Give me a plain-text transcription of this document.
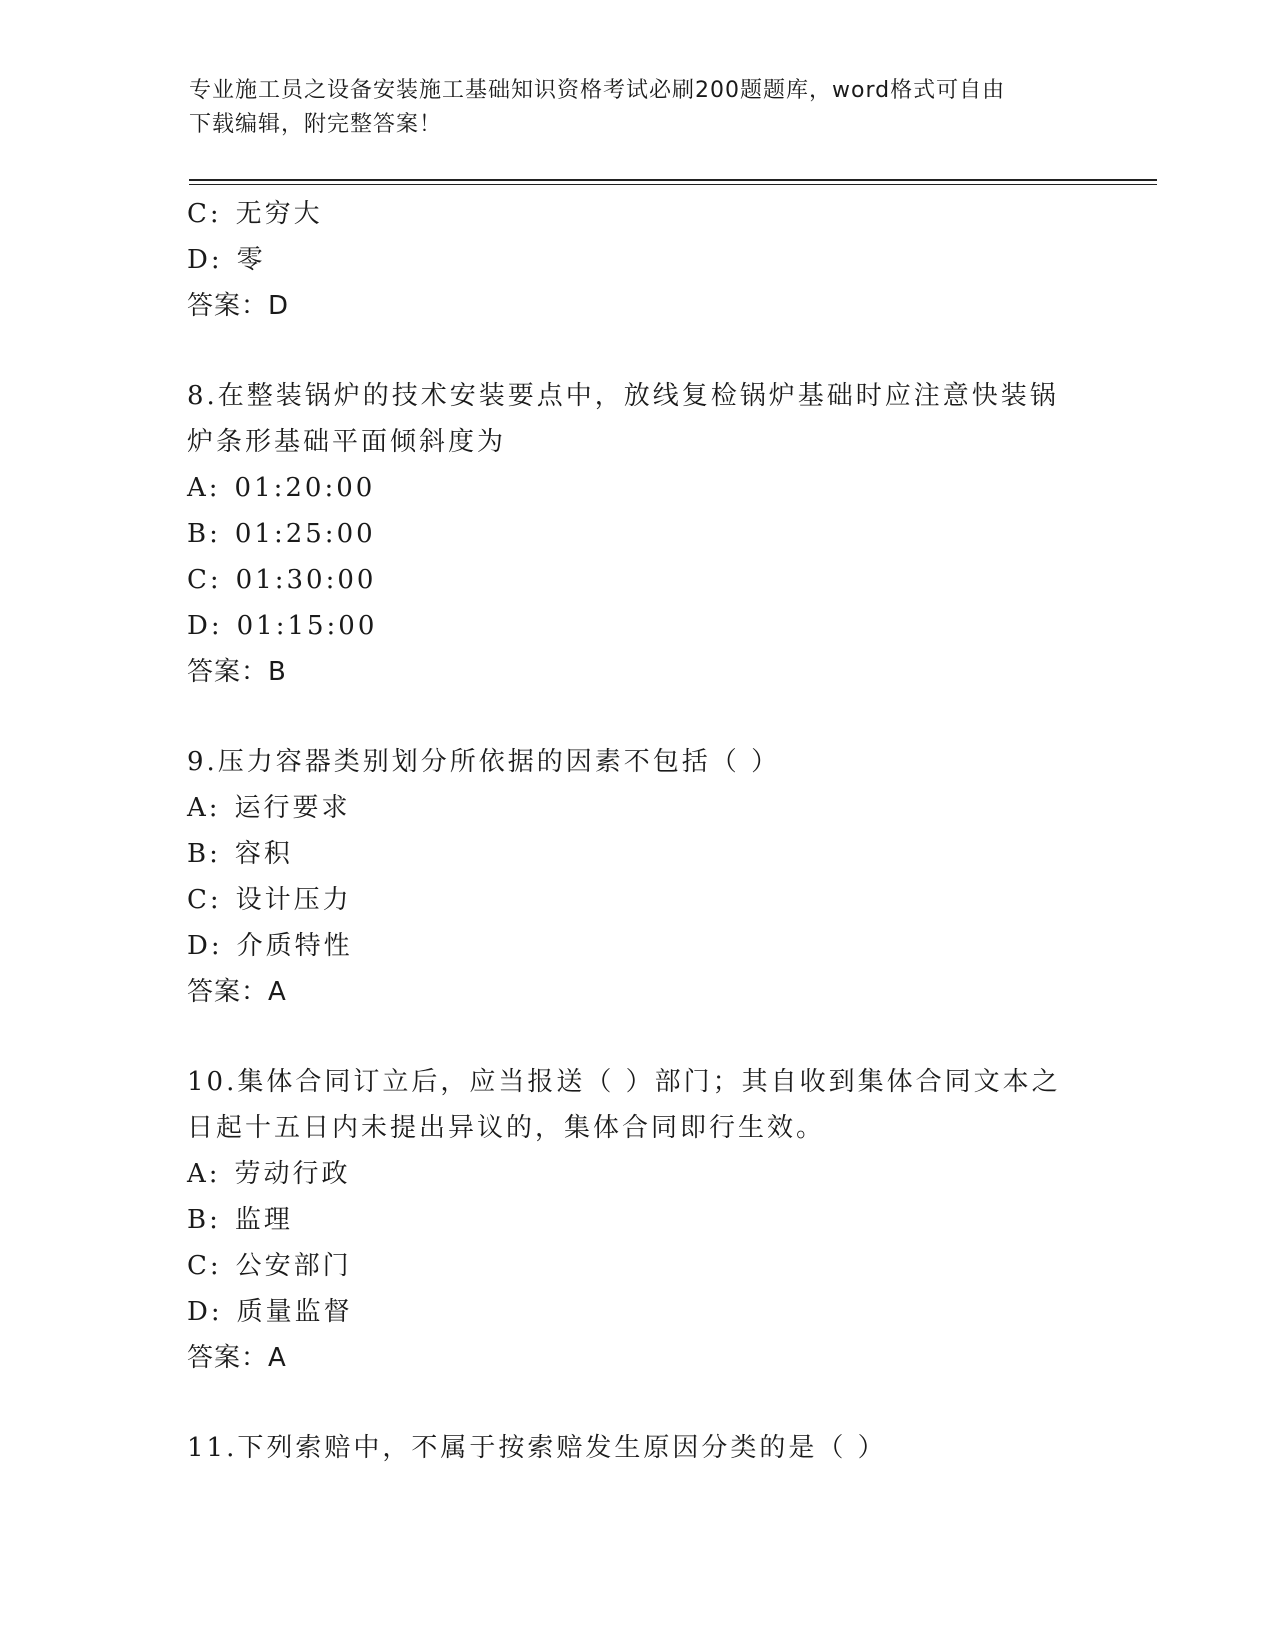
专业施工员之设备安装施工基础知识资格考试必刷200题题库，word格式可自由
下载编辑，附完整答案！
C: 无穷大
D: 零
答案：D
8.在整装锅炉的技术安装要点中，放线复检锅炉基础时应注意快装锅
炉条形基础平面倾斜度为
A: 01:20:00
B: 01:25:00
C: 01:30:00
D: 01:15:00
答案：B
9.压力容器类别划分所依据的因素不包括（ ）
A: 运行要求
B: 容积
C: 设计压力
D: 介质特性
答案：A
10.集体合同订立后，应当报送（ ）部门；其自收到集体合同文本之
日起十五日内未提出异议的，集体合同即行生效。
A: 劳动行政
B: 监理
C: 公安部门
D: 质量监督
答案：A
11.下列索赔中，不属于按索赔发生原因分类的是（ ）
